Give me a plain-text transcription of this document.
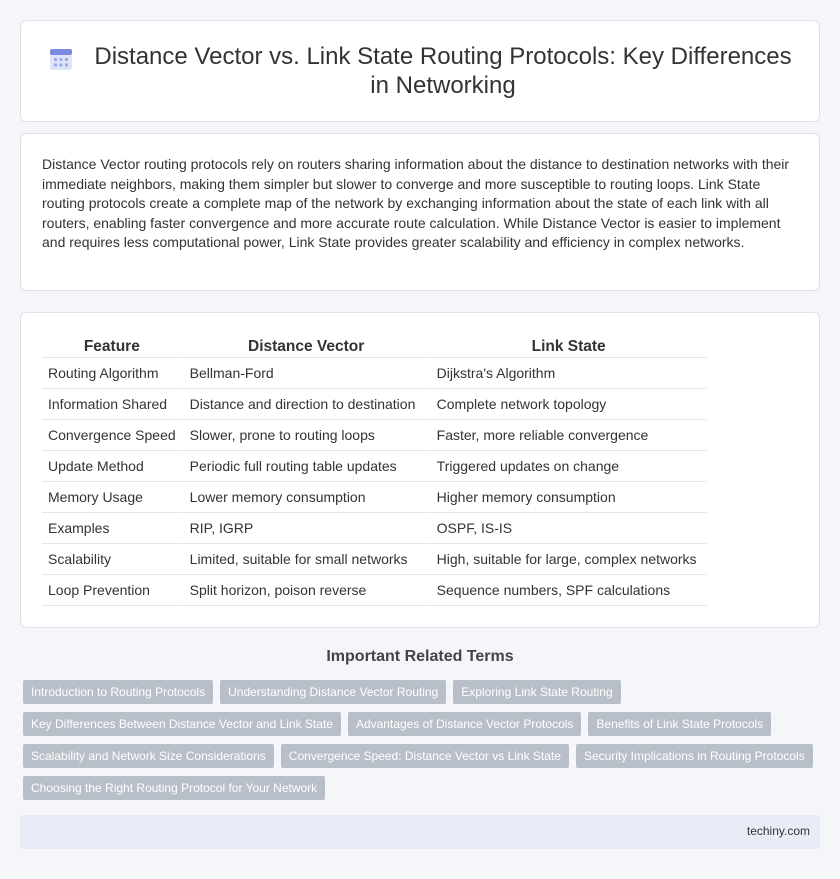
Distance Vector vs. Link State Routing Protocols: Key Differences in Networking

Distance Vector routing protocols rely on routers sharing information about the distance to destination networks with their immediate neighbors, making them simpler but slower to converge and more susceptible to routing loops. Link State routing protocols create a complete map of the network by exchanging information about the state of each link with all routers, enabling faster convergence and more accurate route calculation. While Distance Vector is easier to implement and requires less computational power, Link State provides greater scalability and efficiency in complex networks.

Feature	Distance Vector	Link State
Routing Algorithm	Bellman-Ford	Dijkstra's Algorithm
Information Shared	Distance and direction to destination	Complete network topology
Convergence Speed	Slower, prone to routing loops	Faster, more reliable convergence
Update Method	Periodic full routing table updates	Triggered updates on change
Memory Usage	Lower memory consumption	Higher memory consumption
Examples	RIP, IGRP	OSPF, IS-IS
Scalability	Limited, suitable for small networks	High, suitable for large, complex networks
Loop Prevention	Split horizon, poison reverse	Sequence numbers, SPF calculations
Important Related Terms
Introduction to Routing Protocols	Understanding Distance Vector Routing	Exploring Link State Routing
Key Differences Between Distance Vector and Link State	Advantages of Distance Vector Protocols	Benefits of Link State Protocols
Scalability and Network Size Considerations	Convergence Speed: Distance Vector vs Link State	Security Implications in Routing Protocols
Choosing the Right Routing Protocol for Your Network
techiny.com
